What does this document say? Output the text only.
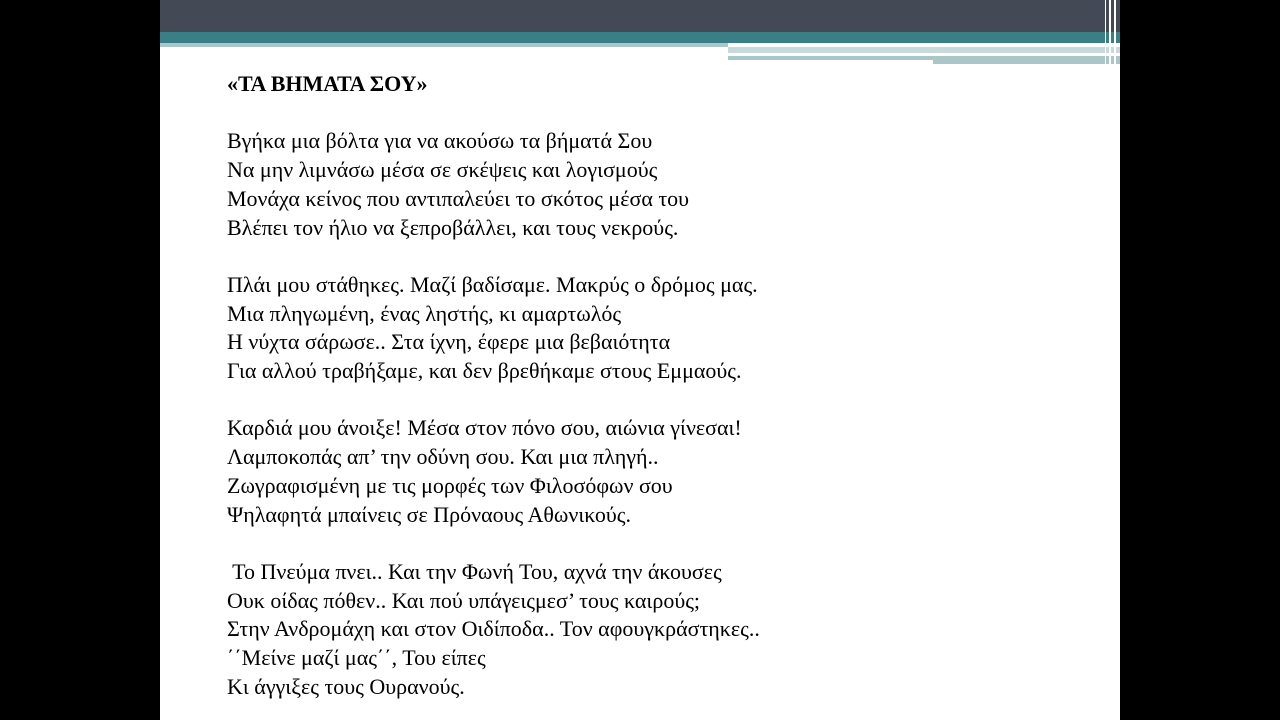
«ΤΑ ΒΗΜΑΤΑ ΣΟΥ»
Βγήκα μια βόλτα για να ακούσω τα βήματά Σου
Να μην λιμνάσω μέσα σε σκέψεις και λογισμούς
Μονάχα κείνος που αντιπαλεύει το σκότος μέσα του
Βλέπει τον ήλιο να ξεπροβάλλει, και τους νεκρούς.
Πλάι μου στάθηκες. Μαζί βαδίσαμε. Μακρύς ο δρόμος μας.
Μια πληγωμένη, ένας ληστής, κι αμαρτωλός
Η νύχτα σάρωσε.. Στα ίχνη, έφερε μια βεβαιότητα
Για αλλού τραβήξαμε, και δεν βρεθήκαμε στους Εμμαούς.
Καρδιά μου άνοιξε! Μέσα στον πόνο σου, αιώνια γίνεσαι!
Λαμποκοπάς απ’ την οδύνη σου. Και μια πληγή..
Ζωγραφισμένη με τις μορφές των Φιλοσόφων σου
Ψηλαφητά μπαίνεις σε Πρόναους Αθωνικούς.
Το Πνεύμα πνει.. Και την Φωνή Του, αχνά την άκουσες
Ουκ οίδας πόθεν.. Και πού υπάγειςμεσ’ τους καιρούς;
Στην Ανδρομάχη και στον Οιδίποδα.. Τον αφουγκράστηκες..
΄΄Μείνε μαζί μας΄΄, Του είπες
Κι άγγιξες τους Ουρανούς.
